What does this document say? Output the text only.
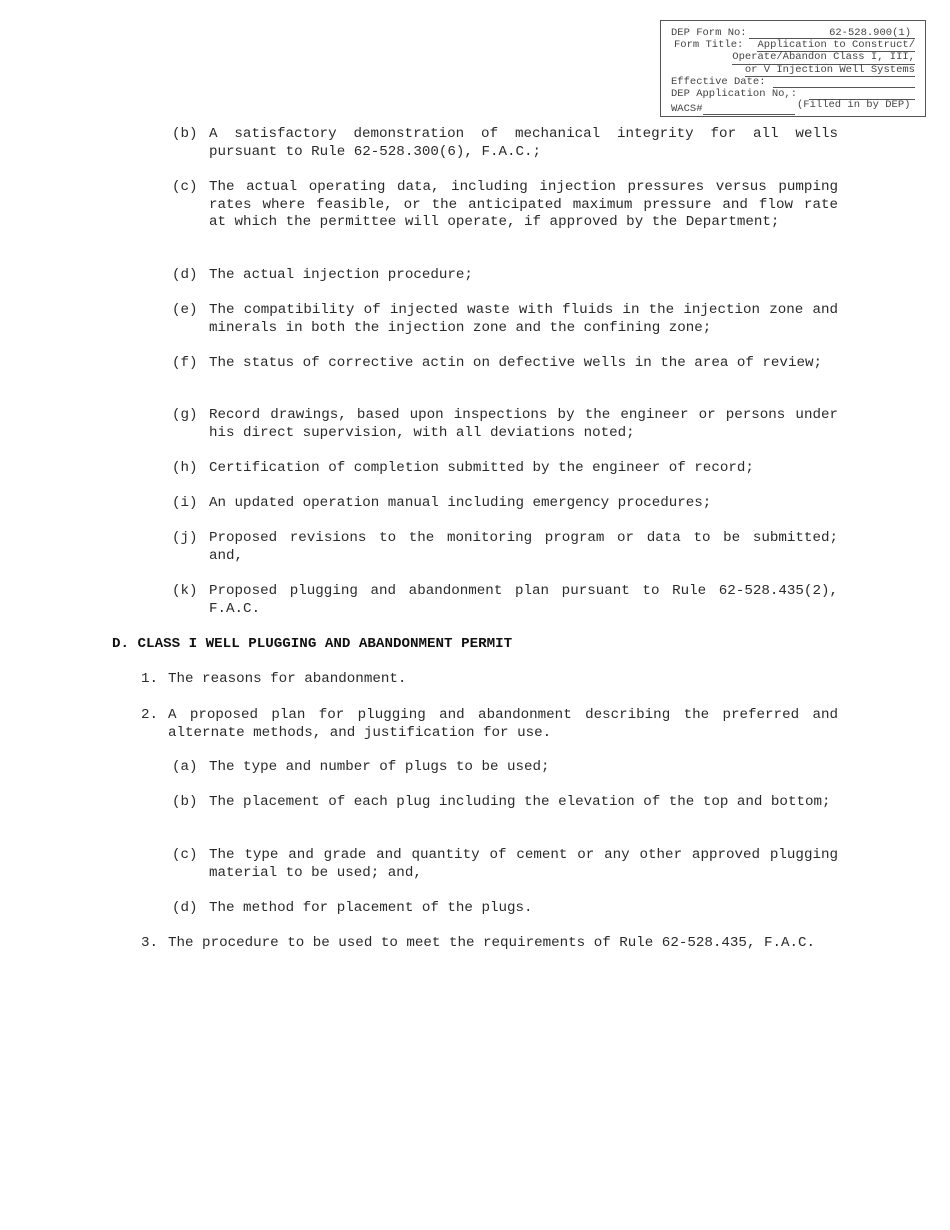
DEP Form No:	62-528.900(1)
Form Title: Application to Construct/
Operate/Abandon Class I, III,
or V Injection Well Systems
Effective Date:
DEP Application No,:
WACS#	(Filled in by DEP)
(b) A satisfactory demonstration of mechanical integrity for all wells pursuant to Rule 62-528.300(6), F.A.C.;
(c) The actual operating data, including injection pressures versus pumping rates where feasible, or the anticipated maximum pressure and flow rate at which the permittee will operate, if approved by the Department;
(d) The actual injection procedure;
(e) The compatibility of injected waste with fluids in the injection zone and minerals in both the injection zone and the confining zone;
(f) The status of corrective actin on defective wells in the area of review;
(g) Record drawings, based upon inspections by the engineer or persons under his direct supervision, with all deviations noted;
(h) Certification of completion submitted by the engineer of record;
(i) An updated operation manual including emergency procedures;
(j) Proposed revisions to the monitoring program or data to be submitted; and,
(k) Proposed plugging and abandonment plan pursuant to Rule 62-528.435(2), F.A.C.
D. CLASS I WELL PLUGGING AND ABANDONMENT PERMIT
1. The reasons for abandonment.
2. A proposed plan for plugging and abandonment describing the preferred and alternate methods, and justification for use.
(a) The type and number of plugs to be used;
(b) The placement of each plug including the elevation of the top and bottom;
(c) The type and grade and quantity of cement or any other approved plugging material to be used; and,
(d) The method for placement of the plugs.
3. The procedure to be used to meet the requirements of Rule 62-528.435, F.A.C.
